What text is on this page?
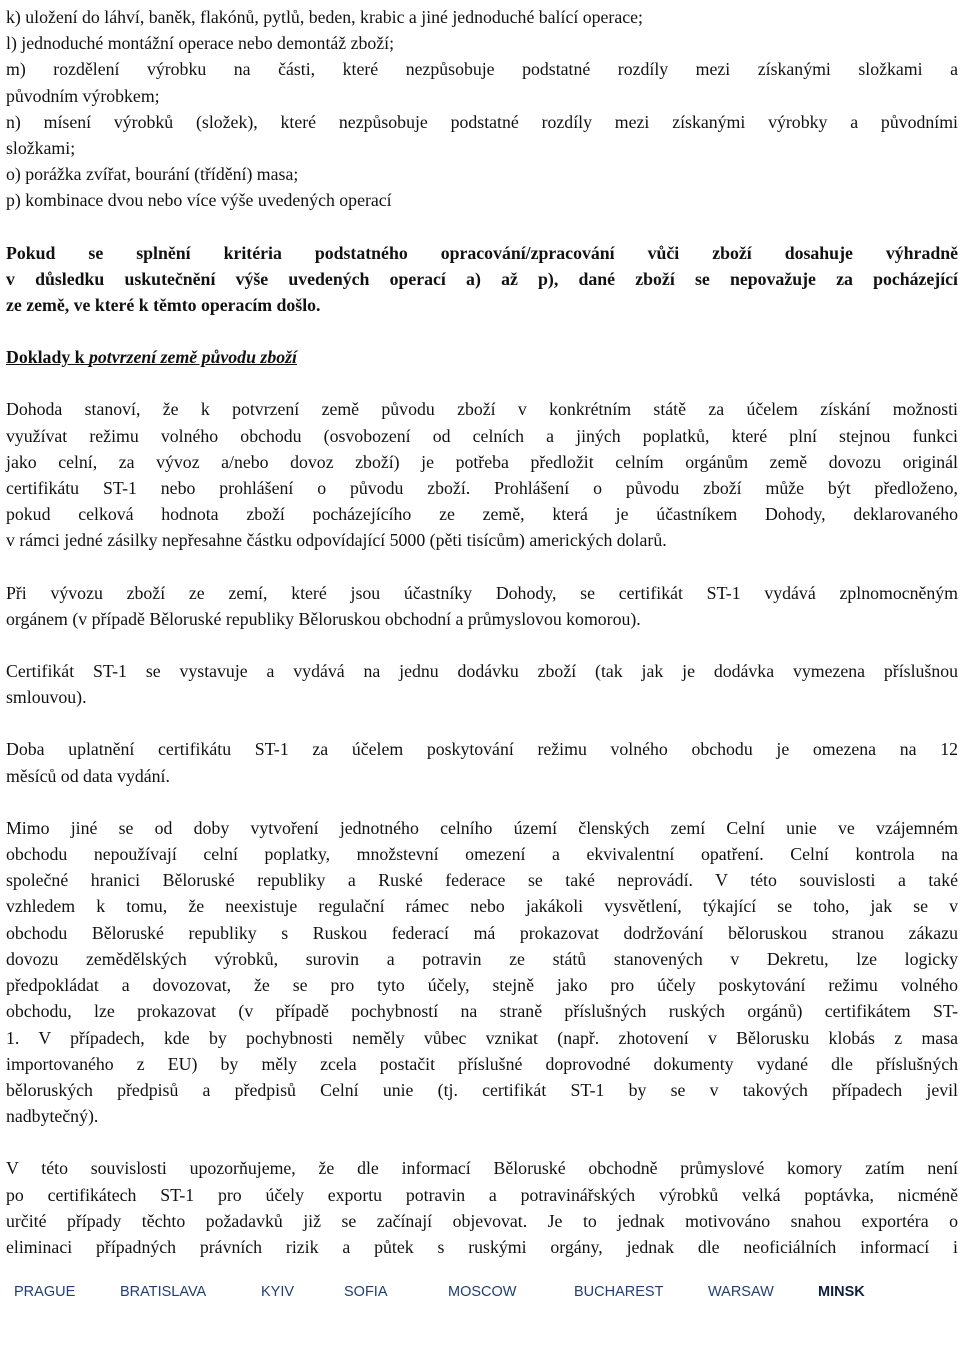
k) uložení do láhví, baněk, flakónů, pytlů, beden, krabic a jiné jednoduché balící operace;
l) jednoduché montážní operace nebo demontáž zboží;
m) rozdělení výrobku na části, které nezpůsobuje podstatné rozdíly mezi získanými složkami a
původním výrobkem;
n) mísení výrobků (složek), které nezpůsobuje podstatné rozdíly mezi získanými výrobky a původními
složkami;
o) porážka zvířat, bourání (třídění) masa;
p) kombinace dvou nebo více výše uvedených operací
Pokud se splnění kritéria podstatného opracování/zpracování vůči zboží dosahuje výhradně
v důsledku uskutečnění výše uvedených operací a) až p), dané zboží se nepovažuje za pocházející
ze země, ve které k těmto operacím došlo.
Doklady k potvrzení země původu zboží
Dohoda stanoví, že k potvrzení země původu zboží v konkrétním státě za účelem získání možnosti
využívat režimu volného obchodu (osvobození od celních a jiných poplatků, které plní stejnou funkci
jako celní, za vývoz a/nebo dovoz zboží) je potřeba předložit celním orgánům země dovozu originál
certifikátu ST-1 nebo prohlášení o původu zboží. Prohlášení o původu zboží může být předloženo,
pokud celková hodnota zboží pocházejícího ze země, která je účastníkem Dohody, deklarovaného
v rámci jedné zásilky nepřesahne částku odpovídající 5000 (pěti tisícům) amerických dolarů.
Při vývozu zboží ze zemí, které jsou účastníky Dohody, se certifikát ST-1 vydává zplnomocněným
orgánem (v případě Běloruské republiky Běloruskou obchodní a průmyslovou komorou).
Certifikát ST-1 se vystavuje a vydává na jednu dodávku zboží (tak jak je dodávka vymezena příslušnou
smlouvou).
Doba uplatnění certifikátu ST-1 za účelem poskytování režimu volného obchodu je omezena na 12
měsíců od data vydání.
Mimo jiné se od doby vytvoření jednotného celního území členských zemí Celní unie ve vzájemném
obchodu nepoužívají celní poplatky, množstevní omezení a ekvivalentní opatření. Celní kontrola na
společné hranici Běloruské republiky a Ruské federace se také neprovádí. V této souvislosti a také
vzhledem k tomu, že neexistuje regulační rámec nebo jakákoli vysvětlení, týkající se toho, jak se v
obchodu Běloruské republiky s Ruskou federací má prokazovat dodržování běloruskou stranou zákazu
dovozu zemědělských výrobků, surovin a potravin ze států stanovených v Dekretu, lze logicky
předpokládat a dovozovat, že se pro tyto účely, stejně jako pro účely poskytování režimu volného
obchodu, lze prokazovat (v případě pochybností na straně příslušných ruských orgánů) certifikátem ST-
1. V případech, kde by pochybnosti neměly vůbec vznikat (např. zhotovení v Bělorusku klobás z masa
importovaného z EU) by měly zcela postačit příslušné doprovodné dokumenty vydané dle příslušných
běloruských předpisů a předpisů Celní unie (tj. certifikát ST-1 by se v takových případech jevil
nadbytečný).
V této souvislosti upozorňujeme, že dle informací Běloruské obchodně průmyslové komory zatím není
po certifikátech ST-1 pro účely exportu potravin a potravinářských výrobků velká poptávka, nicméně
určité případy těchto požadavků již se začínají objevovat. Je to jednak motivováno snahou exportéra o
eliminaci případných právních rizik a půtek s ruskými orgány, jednak dle neoficiálních informací i
PRAGUE	BRATISLAVA	KYIV	SOFIA	MOSCOW	BUCHAREST	WARSAW	MINSK
